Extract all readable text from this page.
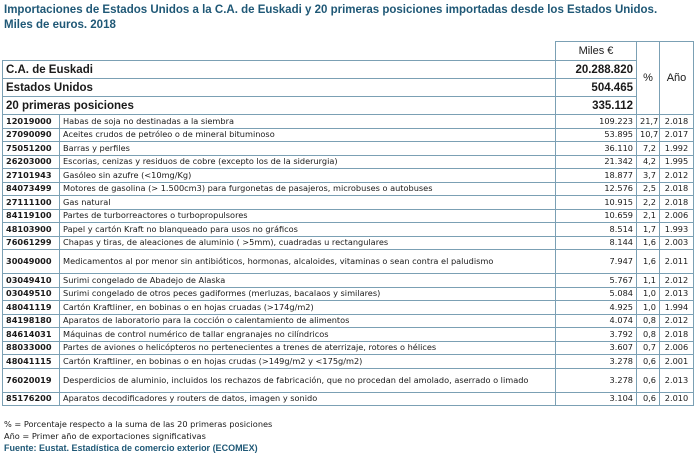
Importaciones de Estados Unidos a la C.A. de Euskadi y 20 primeras posiciones importadas desde los Estados Unidos.
Miles de euros. 2018
		Miles €	%	Año
C.A. de Euskadi		20.288.820		
Estados Unidos		504.465		
20 primeras posiciones		335.112		
12019000	Habas de soja no destinadas a la siembra	109.223	21,7	2.018
27090090	Aceites crudos de petróleo o de mineral bituminoso	53.895	10,7	2.017
75051200	Barras y perfiles	36.110	7,2	1.992
26203000	Escorias, cenizas y residuos de cobre (excepto los de la siderurgia)	21.342	4,2	1.995
27101943	Gasóleo sin azufre (<10mg/Kg)	18.877	3,7	2.012
84073499	Motores de gasolina (> 1.500cm3) para furgonetas de pasajeros, microbuses o autobuses	12.576	2,5	2.018
27111100	Gas natural	10.915	2,2	2.018
84119100	Partes de turborreactores o turbopropulsores	10.659	2,1	2.006
48103900	Papel y cartón Kraft no blanqueado para usos no gráficos	8.514	1,7	1.993
76061299	Chapas y tiras, de aleaciones de aluminio ( >5mm), cuadradas u rectangulares	8.144	1,6	2.003
30049000	Medicamentos al por menor sin antibióticos, hormonas, alcaloides, vitaminas o sean contra el paludismo	7.947	1,6	2.011
03049410	Surimi congelado de Abadejo de Alaska	5.767	1,1	2.012
03049510	Surimi congelado de otros peces gadiformes (merluzas, bacalaos y similares)	5.084	1,0	2.013
48041119	Cartón Kraftliner, en bobinas o en hojas cruadas (>174g/m2)	4.925	1,0	1.994
84198180	Aparatos de laboratorio para la cocción o calentamiento de alimentos	4.074	0,8	2.012
84614031	Máquinas de control numérico de tallar engranajes no cilíndricos	3.792	0,8	2.018
88033000	Partes de aviones o helicópteros no pertenecientes a trenes de aterrizaje, rotores o hélices	3.607	0,7	2.006
48041115	Cartón Kraftliner, en bobinas o en hojas crudas (>149g/m2 y <175g/m2)	3.278	0,6	2.001
76020019	Desperdicios de aluminio, incluidos los rechazos de fabricación, que no procedan del amolado, aserrado o limado	3.278	0,6	2.013
85176200	Aparatos decodificadores y routers de datos, imagen y sonido	3.104	0,6	2.010
% = Porcentaje respecto a la suma de las 20 primeras posiciones
Año = Primer año de exportaciones significativas
Fuente: Eustat. Estadística de comercio exterior (ECOMEX)
